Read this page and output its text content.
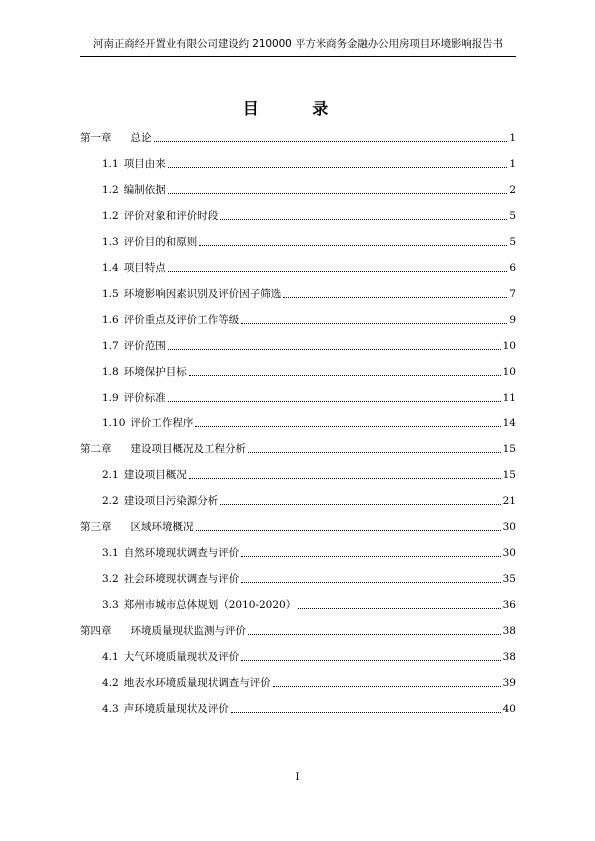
河南正商经开置业有限公司建设约 210000 平方米商务金融办公用房项目环境影响报告书
目 录
第一章 总论	1
1.1 项目由来	1
1.2 编制依据	2
1.2 评价对象和评价时段	5
1.3 评价目的和原则	5
1.4 项目特点	6
1.5 环境影响因素识别及评价因子筛选	7
1.6 评价重点及评价工作等级	9
1.7 评价范围	10
1.8 环境保护目标	10
1.9 评价标准	11
1.10 评价工作程序	14
第二章 建设项目概况及工程分析	15
2.1 建设项目概况	15
2.2 建设项目污染源分析	21
第三章 区域环境概况	30
3.1 自然环境现状调查与评价	30
3.2 社会环境现状调查与评价	35
3.3 郑州市城市总体规划（2010-2020）	36
第四章 环境质量现状监测与评价	38
4.1 大气环境质量现状及评价	38
4.2 地表水环境质量现状调查与评价	39
4.3 声环境质量现状及评价	40
I
